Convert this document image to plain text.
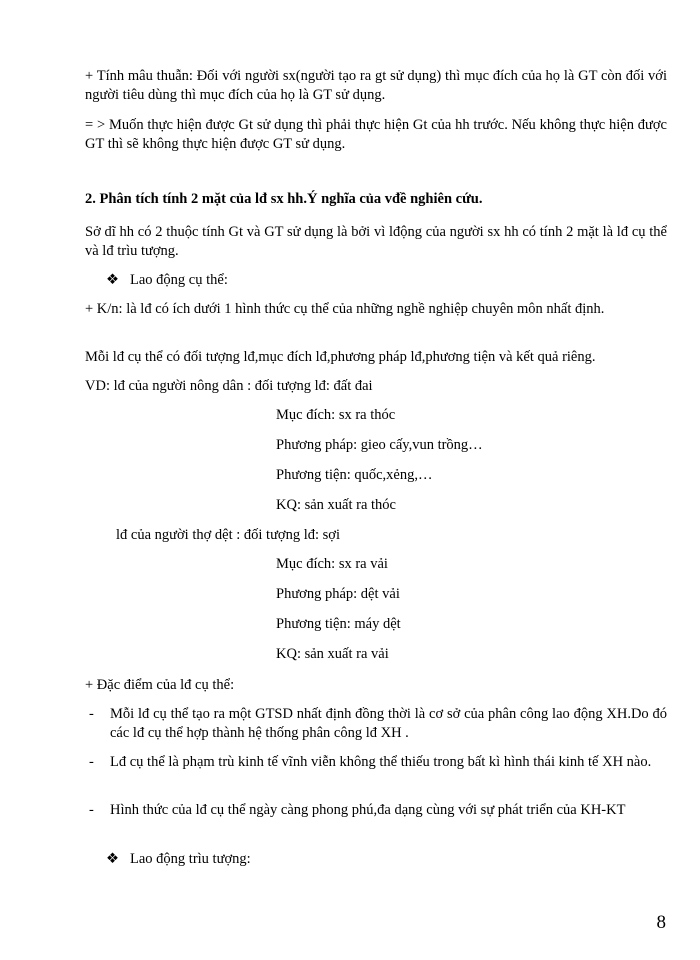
+ Tính mâu thuẫn: Đối với người sx(người tạo ra gt sử dụng) thì mục đích của họ là GT còn đối với người tiêu dùng thì mục đích của họ là GT sử dụng.

= > Muốn thực hiện được Gt sử dụng thì phải thực hiện Gt của hh trước. Nếu không thực hiện được GT thì sẽ không thực hiện được GT sử dụng.

2. Phân tích tính 2 mặt của lđ sx hh.Ý nghĩa của vđề nghiên cứu.

Sở dĩ hh có 2 thuộc tính Gt và GT sử dụng là bởi vì lđộng của người sx hh có tính 2 mặt là lđ cụ thể và lđ trìu tượng.

❖ Lao động cụ thể:

+ K/n: là lđ có ích dưới 1 hình thức cụ thể của những nghề nghiệp chuyên môn nhất định.

Mỗi lđ cụ thể có đối tượng lđ,mục đích lđ,phương pháp lđ,phương tiện và kết quả riêng.

VD: lđ của người nông dân : đối tượng lđ: đất đai

Mục đích: sx ra thóc

Phương pháp: gieo cấy,vun trồng…

Phương tiện: quốc,xẻng,…

KQ: sản xuất ra thóc

lđ của người thợ dệt : đối tượng lđ: sợi

Mục đích: sx ra vải

Phương pháp: dệt vải

Phương tiện: máy dệt

KQ: sản xuất ra vải

+ Đặc điểm của lđ cụ thể:

- Mỗi lđ cụ thể tạo ra một GTSD nhất định đồng thời là cơ sở của phân công lao động XH.Do đó các lđ cụ thể hợp thành hệ thống phân công lđ XH .

- Lđ cụ thể là phạm trù kinh tế vĩnh viễn không thể thiếu trong bất kì hình thái kinh tế XH nào.

- Hình thức của lđ cụ thể ngày càng phong phú,đa dạng cùng với sự phát triển của KH-KT

❖ Lao động trìu tượng:
8
